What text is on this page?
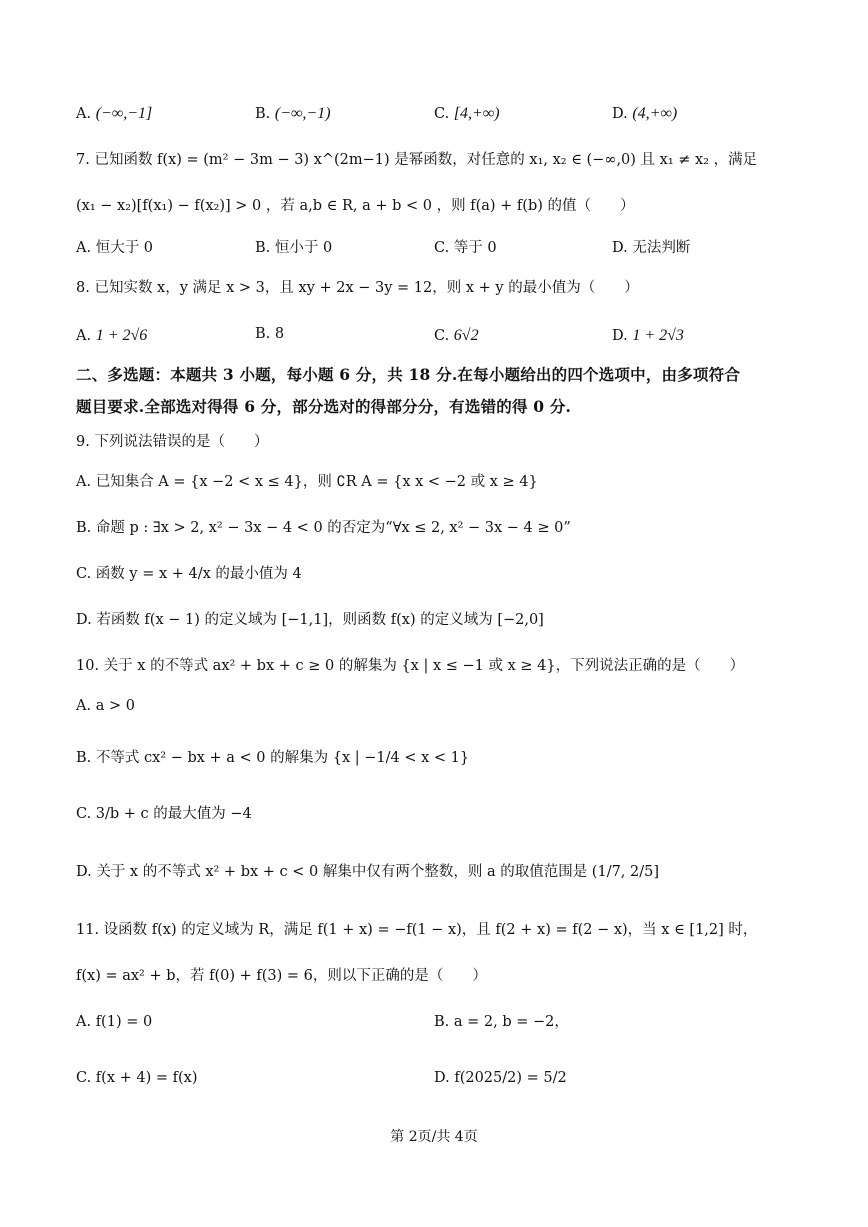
A. (−∞,−1]	B. (−∞,−1)	C. [4,+∞)	D. (4,+∞)
7. 已知函数 f(x) = (m² − 3m − 3) x^(2m−1) 是幂函数，对任意的 x₁, x₂ ∈ (−∞,0) 且 x₁ ≠ x₂ ，满足
(x₁ − x₂)[f(x₁) − f(x₂)] > 0 ，若 a,b ∈ R, a + b < 0 ，则 f(a) + f(b) 的值（　　）
A. 恒大于 0	B. 恒小于 0	C. 等于 0	D. 无法判断
8. 已知实数 x，y 满足 x > 3，且 xy + 2x − 3y = 12，则 x + y 的最小值为（　　）
A. 1 + 2√6	B. 8	C. 6√2	D. 1 + 2√3
二、多选题：本题共 3 小题，每小题 6 分，共 18 分.在每小题给出的四个选项中，由多项符合
题目要求.全部选对得得 6 分，部分选对的得部分分，有选错的得 0 分.
9. 下列说法错误的是（　　）
A. 已知集合 A = {x −2 < x ≤ 4}，则 ∁R A = {x x < −2 或 x ≥ 4}
B. 命题 p : ∃x > 2, x² − 3x − 4 < 0 的否定为“∀x ≤ 2, x² − 3x − 4 ≥ 0”
C. 函数 y = x + 4/x 的最小值为 4
D. 若函数 f(x − 1) 的定义域为 [−1,1]，则函数 f(x) 的定义域为 [−2,0]
10. 关于 x 的不等式 ax² + bx + c ≥ 0 的解集为 {x | x ≤ −1 或 x ≥ 4}，下列说法正确的是（　　）
A. a > 0
B. 不等式 cx² − bx + a < 0 的解集为 {x | −1/4 < x < 1}
C. 3/b + c 的最大值为 −4
D. 关于 x 的不等式 x² + bx + c < 0 解集中仅有两个整数，则 a 的取值范围是 (1/7, 2/5]
11. 设函数 f(x) 的定义域为 R，满足 f(1 + x) = −f(1 − x)，且 f(2 + x) = f(2 − x)，当 x ∈ [1,2] 时，
f(x) = ax² + b，若 f(0) + f(3) = 6，则以下正确的是（　　）
A. f(1) = 0	B. a = 2, b = −2，
C. f(x + 4) = f(x)	D. f(2025/2) = 5/2
第 2页/共 4页
